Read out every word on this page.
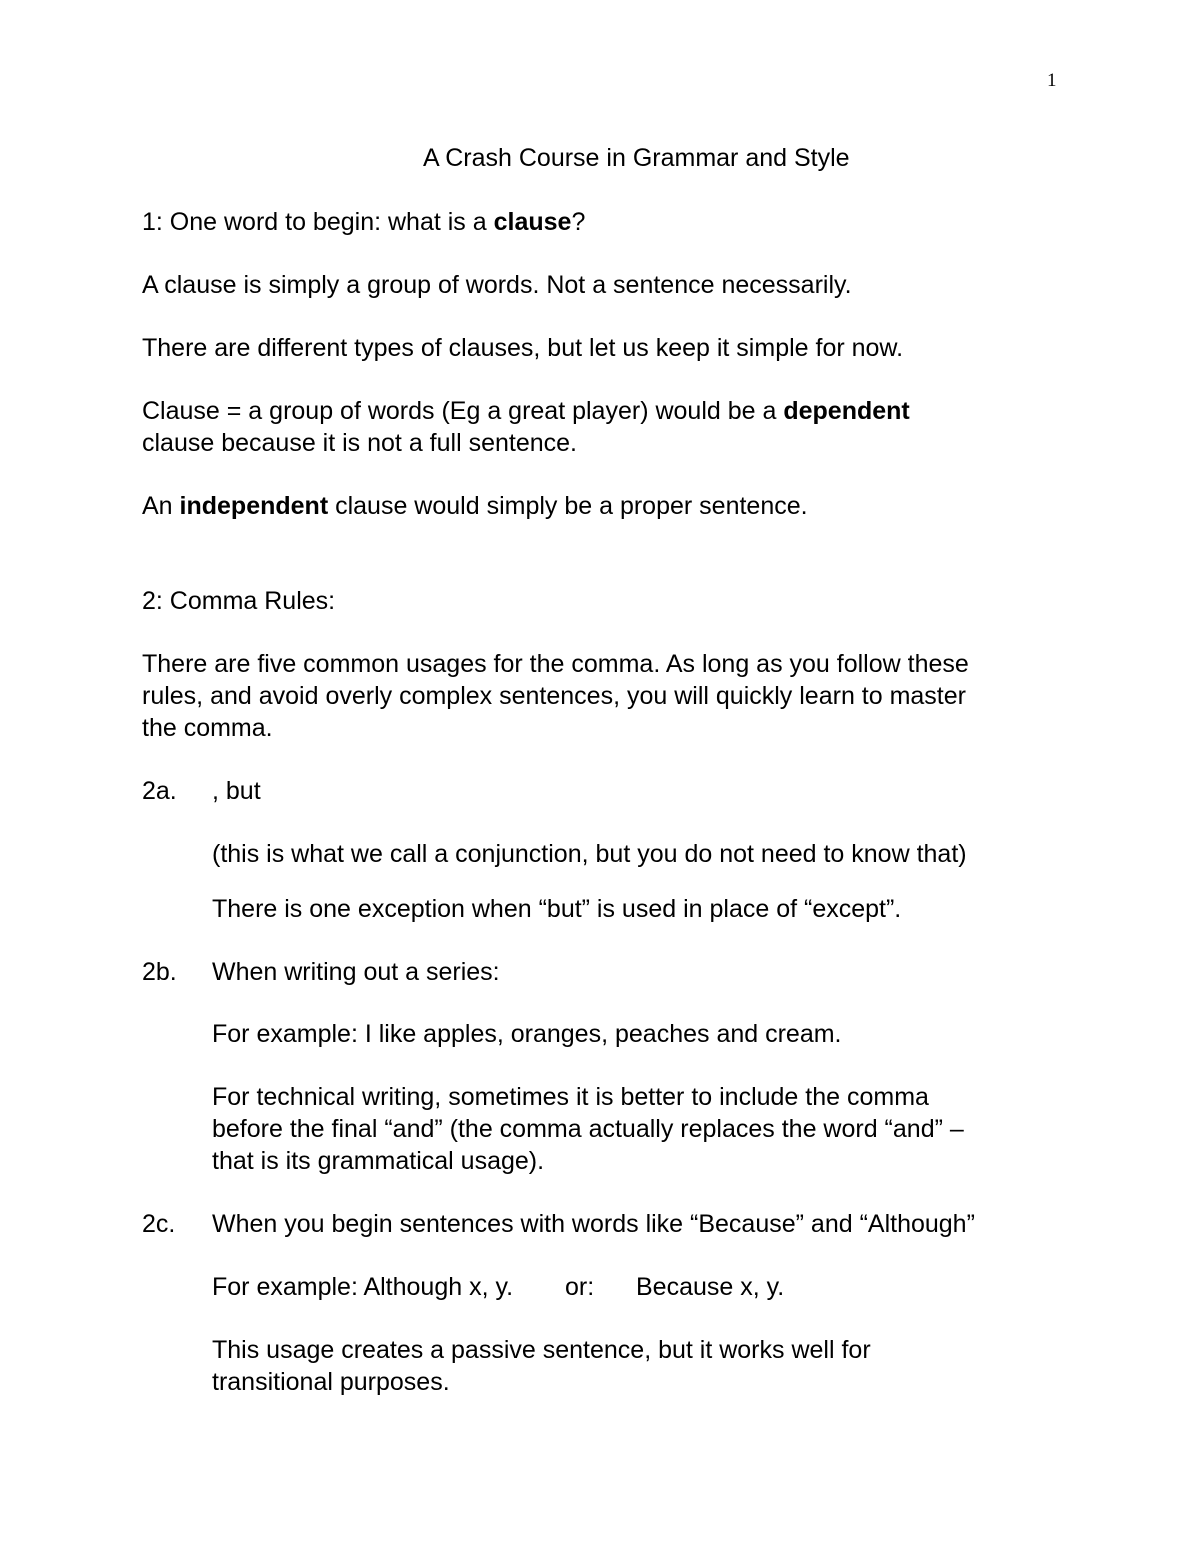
1
A Crash Course in Grammar and Style
1: One word to begin: what is a clause?
A clause is simply a group of words. Not a sentence necessarily.
There are different types of clauses, but let us keep it simple for now.
Clause = a group of words (Eg a great player) would be a dependent
clause because it is not a full sentence.
An independent clause would simply be a proper sentence.
2: Comma Rules:
There are five common usages for the comma. As long as you follow these
rules, and avoid overly complex sentences, you will quickly learn to master
the comma.
2a. , but
(this is what we call a conjunction, but you do not need to know that)
There is one exception when “but” is used in place of “except”.
2b. When writing out a series:
For example: I like apples, oranges, peaches and cream.
For technical writing, sometimes it is better to include the comma
before the final “and” (the comma actually replaces the word “and” –
that is its grammatical usage).
2c. When you begin sentences with words like “Because” and “Although”
For example: Although x, y. or: Because x, y.
This usage creates a passive sentence, but it works well for
transitional purposes.
